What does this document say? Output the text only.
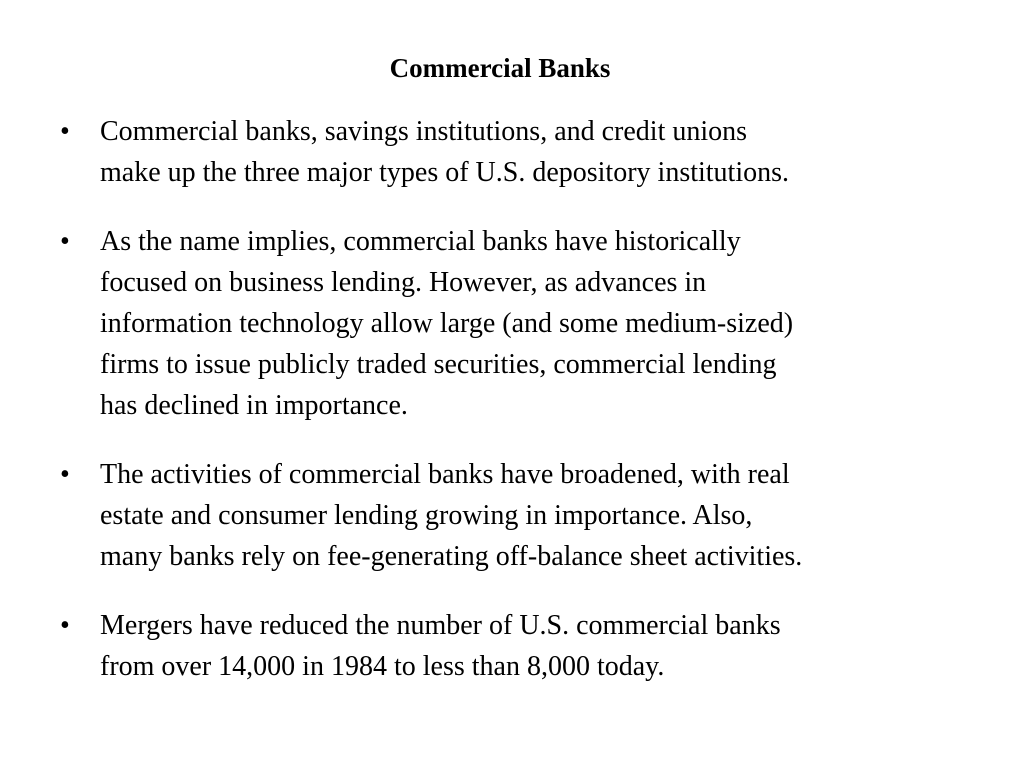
Commercial Banks
•	Commercial banks, savings institutions, and credit unions
make up the three major types of U.S. depository institutions.
•	As the name implies, commercial banks have historically
focused on business lending. However, as advances in
information technology allow large (and some medium-sized)
firms to issue publicly traded securities, commercial lending
has declined in importance.
•	The activities of commercial banks have broadened, with real
estate and consumer lending growing in importance. Also,
many banks rely on fee-generating off-balance sheet activities.
•	Mergers have reduced the number of U.S. commercial banks
from over 14,000 in 1984 to less than 8,000 today.
